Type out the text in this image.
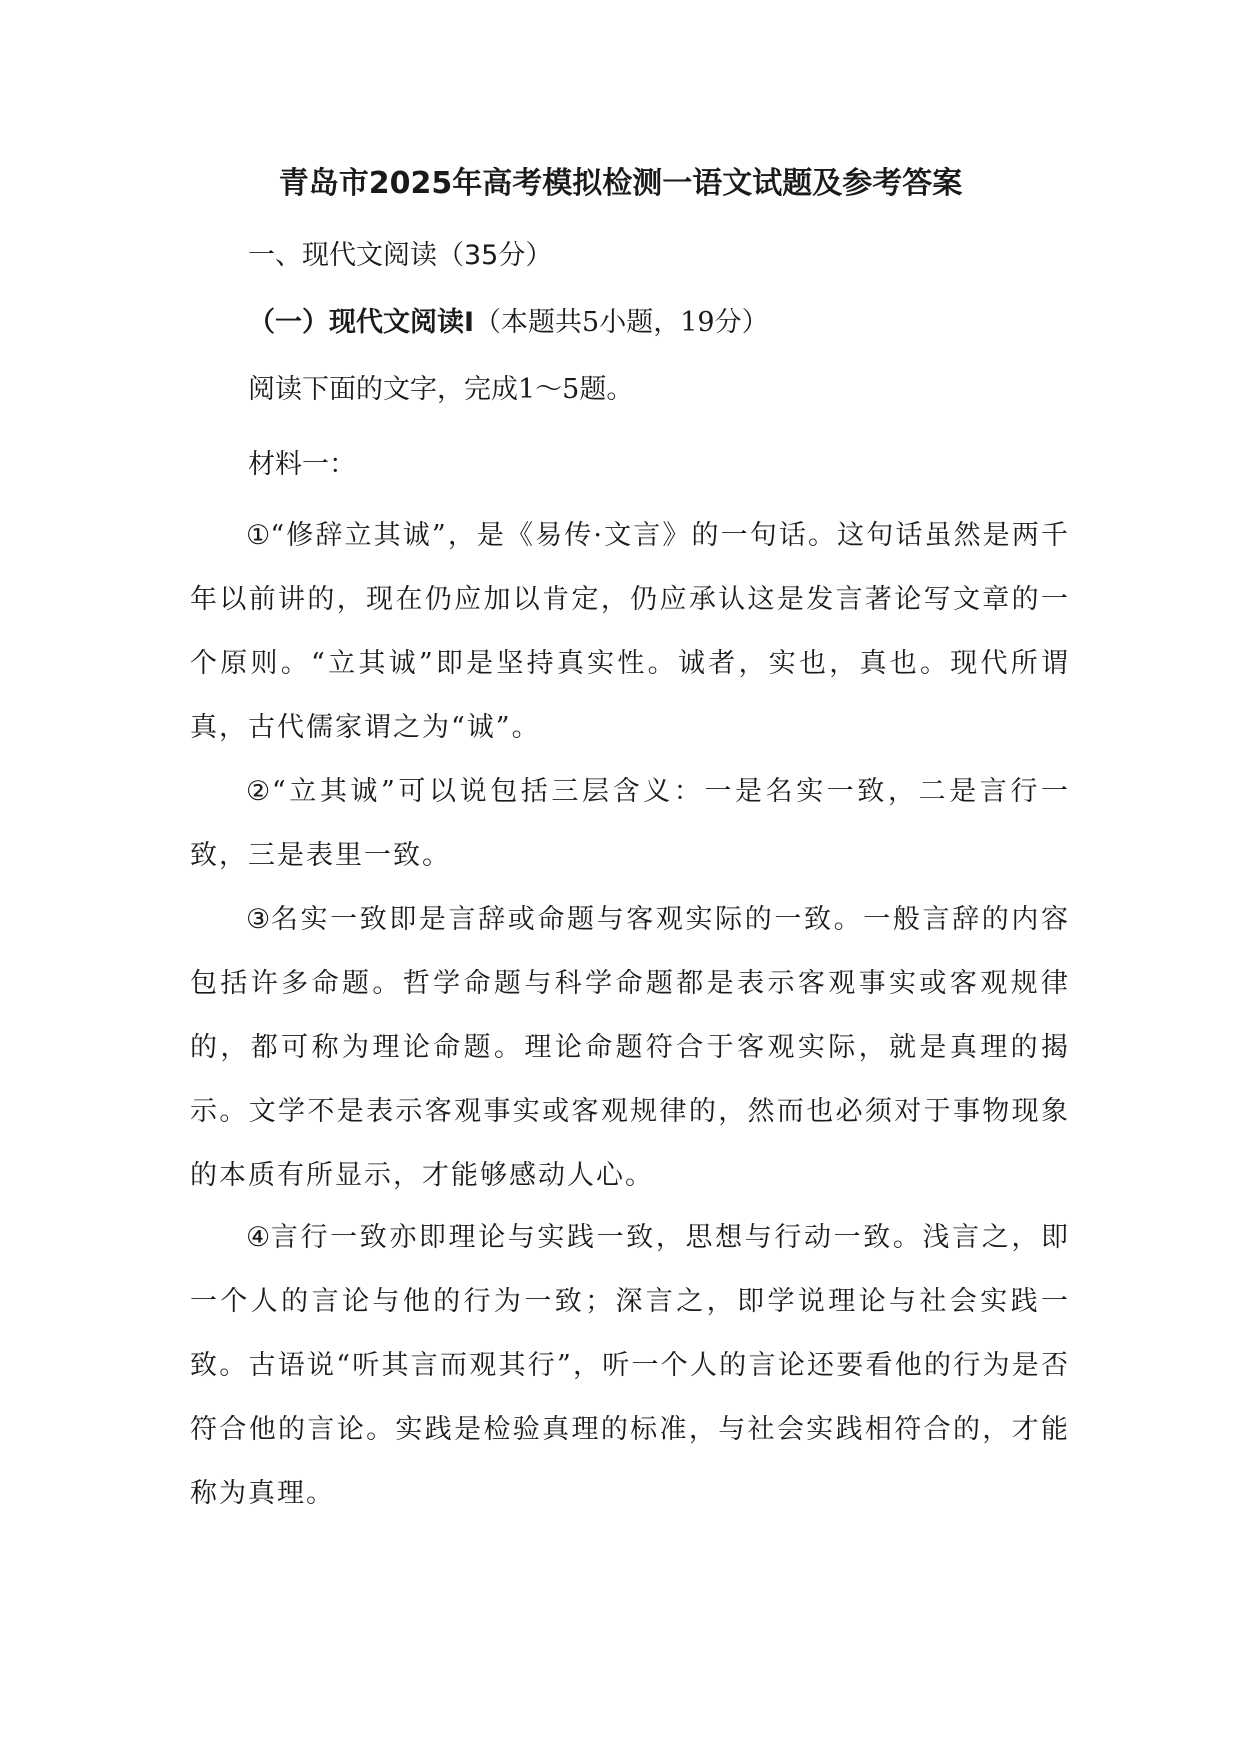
青岛市2025年高考模拟检测一语文试题及参考答案
一、现代文阅读（35分）
（一）现代文阅读Ⅰ（本题共5小题，19分）
阅读下面的文字，完成1～5题。
材料一：
①“修辞立其诚”，是《易传·文言》的一句话。这句话虽然是两千年以前讲的，现在仍应加以肯定，仍应承认这是发言著论写文章的一个原则。“立其诚”即是坚持真实性。诚者，实也，真也。现代所谓真，古代儒家谓之为“诚”。
②“立其诚”可以说包括三层含义：一是名实一致，二是言行一致，三是表里一致。
③名实一致即是言辞或命题与客观实际的一致。一般言辞的内容包括许多命题。哲学命题与科学命题都是表示客观事实或客观规律的，都可称为理论命题。理论命题符合于客观实际，就是真理的揭示。文学不是表示客观事实或客观规律的，然而也必须对于事物现象的本质有所显示，才能够感动人心。
④言行一致亦即理论与实践一致，思想与行动一致。浅言之，即一个人的言论与他的行为一致；深言之，即学说理论与社会实践一致。古语说“听其言而观其行”，听一个人的言论还要看他的行为是否符合他的言论。实践是检验真理的标准，与社会实践相符合的，才能称为真理。
